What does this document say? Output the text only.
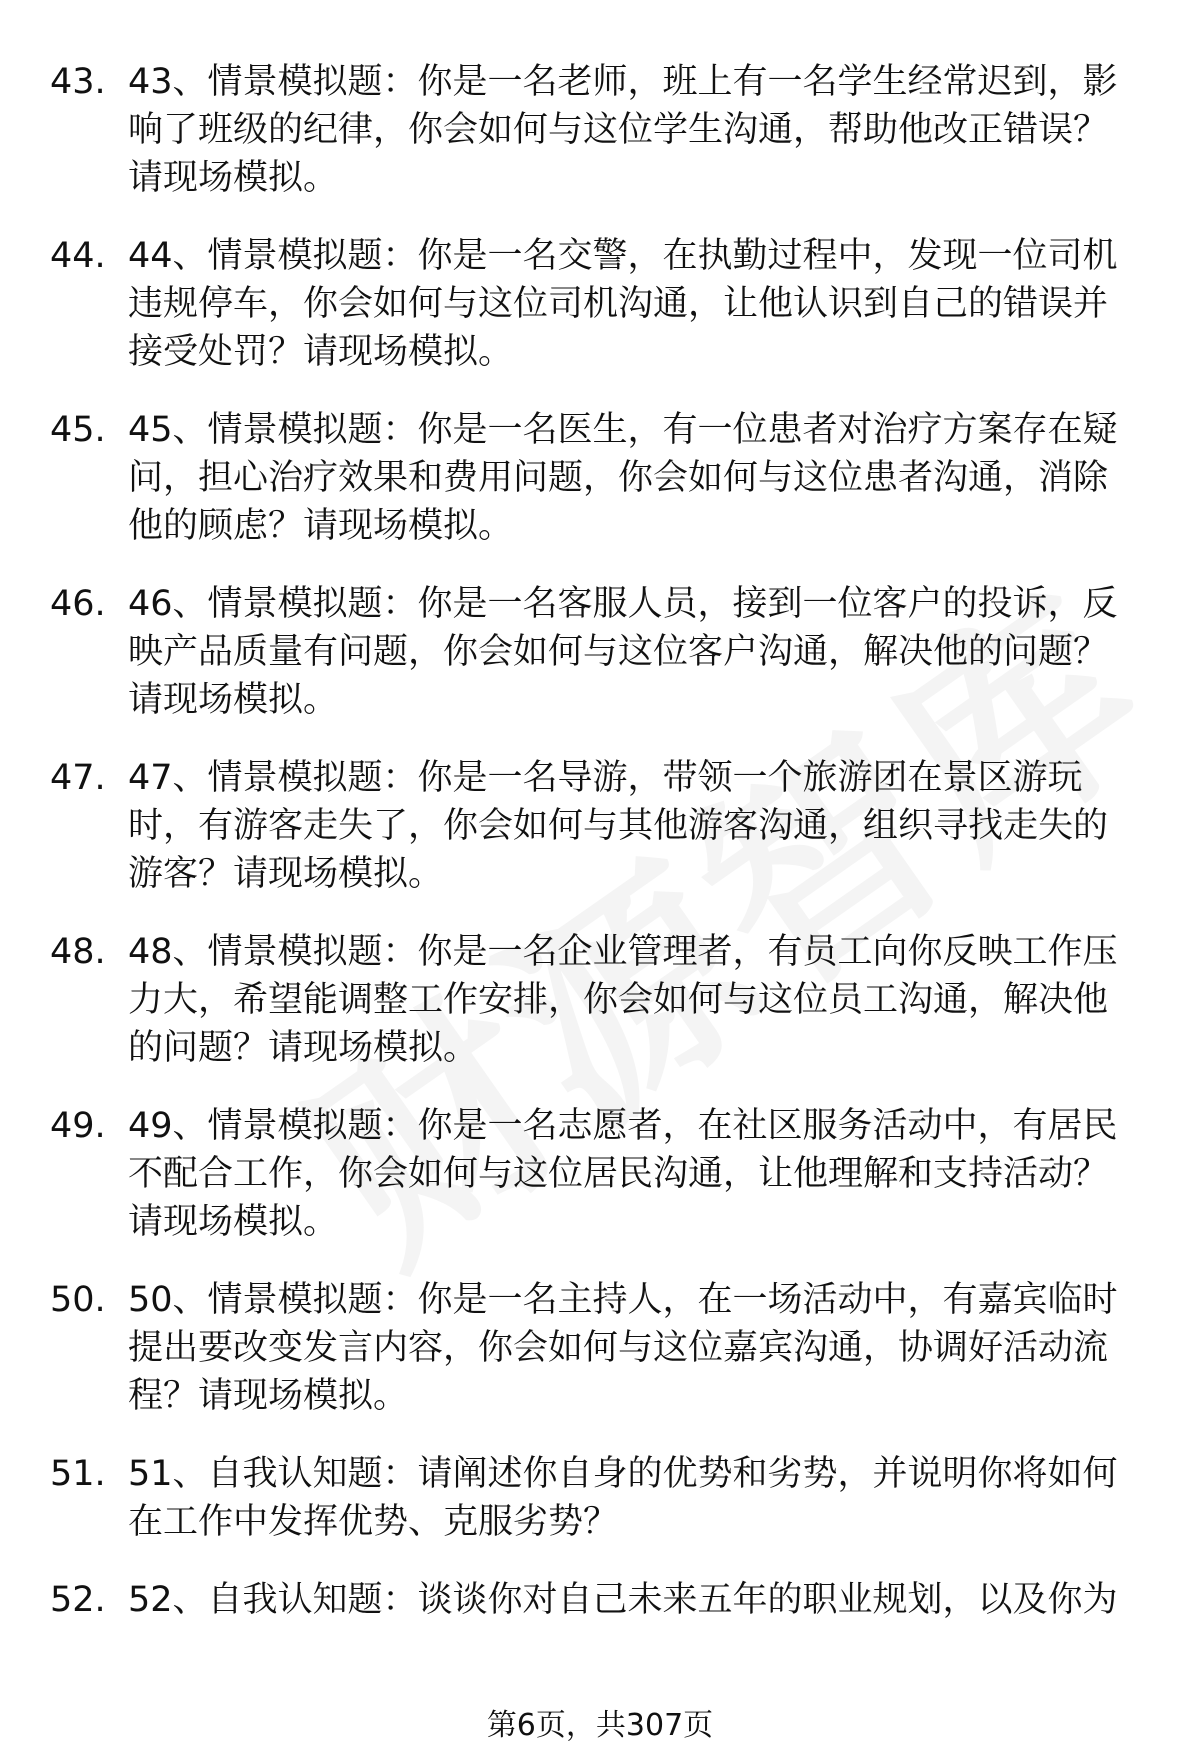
43. 43、情景模拟题：你是一名老师，班上有一名学生经常迟到，影响了班级的纪律，你会如何与这位学生沟通，帮助他改正错误？请现场模拟。
44. 44、情景模拟题：你是一名交警，在执勤过程中，发现一位司机违规停车，你会如何与这位司机沟通，让他认识到自己的错误并接受处罚？请现场模拟。
45. 45、情景模拟题：你是一名医生，有一位患者对治疗方案存在疑问，担心治疗效果和费用问题，你会如何与这位患者沟通，消除他的顾虑？请现场模拟。
46. 46、情景模拟题：你是一名客服人员，接到一位客户的投诉，反映产品质量有问题，你会如何与这位客户沟通，解决他的问题？请现场模拟。
47. 47、情景模拟题：你是一名导游，带领一个旅游团在景区游玩时，有游客走失了，你会如何与其他游客沟通，组织寻找走失的游客？请现场模拟。
48. 48、情景模拟题：你是一名企业管理者，有员工向你反映工作压力大，希望能调整工作安排，你会如何与这位员工沟通，解决他的问题？请现场模拟。
49. 49、情景模拟题：你是一名志愿者，在社区服务活动中，有居民不配合工作，你会如何与这位居民沟通，让他理解和支持活动？请现场模拟。
50. 50、情景模拟题：你是一名主持人，在一场活动中，有嘉宾临时提出要改变发言内容，你会如何与这位嘉宾沟通，协调好活动流程？请现场模拟。
51. 51、自我认知题：请阐述你自身的优势和劣势，并说明你将如何在工作中发挥优势、克服劣势？
52. 52、自我认知题：谈谈你对自己未来五年的职业规划，以及你为
第6页，共307页
